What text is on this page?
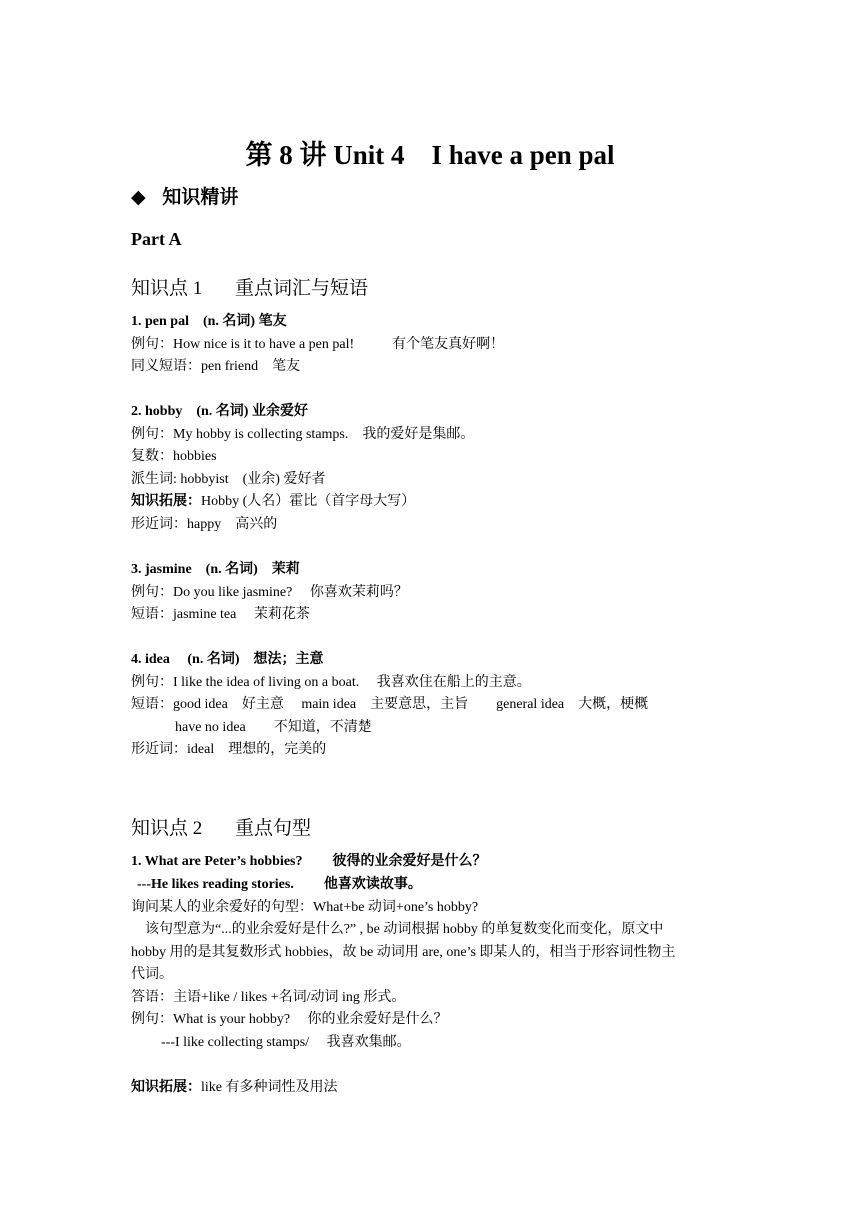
第 8 讲 Unit 4　I have a pen pal
◆ 知识精讲
Part A
知识点 1 重点词汇与短语
1. pen pal　(n. 名词) 笔友
例句：How nice is it to have a pen pal!	有个笔友真好啊！
同义短语：pen friend　笔友
2. hobby　(n. 名词) 业余爱好
例句：My hobby is collecting stamps.　我的爱好是集邮。
复数：hobbies
派生词: hobbyist　(业余) 爱好者
知识拓展：Hobby (人名）霍比（首字母大写）
形近词：happy　高兴的
3. jasmine　(n. 名词)　茉莉
例句：Do you like jasmine?　 你喜欢茉莉吗？
短语：jasmine tea　 茉莉花茶
4. idea　 (n. 名词)　想法；主意
例句：I like the idea of living on a boat.　 我喜欢住在船上的主意。
短语：good idea　好主意　 main idea　主要意思，主旨　　general idea　大概，梗概
have no idea　　不知道，不清楚
形近词：ideal　理想的，完美的
知识点 2 重点句型
1. What are Peter’s hobbies? 彼得的业余爱好是什么？
---He likes reading stories. 他喜欢读故事。
询问某人的业余爱好的句型：What+be 动词+one’s hobby?
该句型意为“...的业余爱好是什么?” , be 动词根据 hobby 的单复数变化而变化，原文中
hobby 用的是其复数形式 hobbies，故 be 动词用 are, one’s 即某人的，相当于形容词性物主
代词。
答语：主语+like / likes +名词/动词 ing 形式。
例句：What is your hobby?　 你的业余爱好是什么？
---I like collecting stamps/　 我喜欢集邮。
知识拓展：like 有多种词性及用法
